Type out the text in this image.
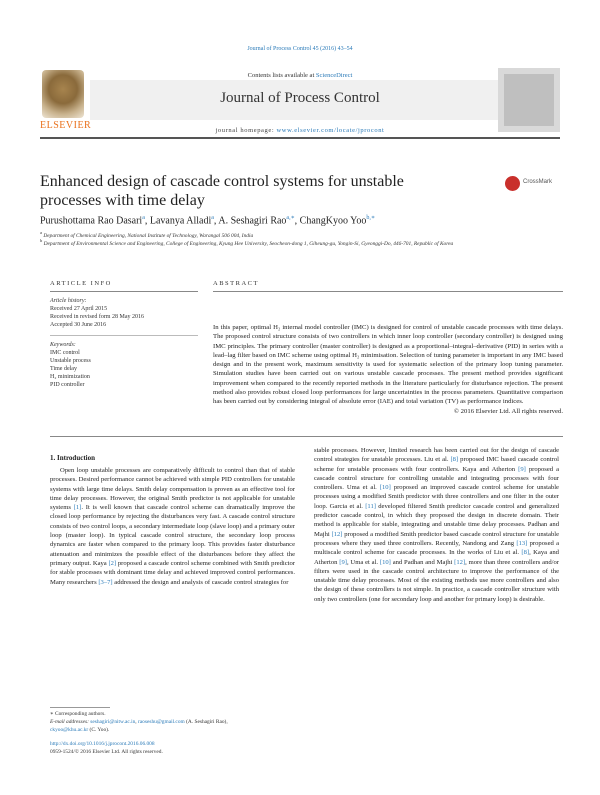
Journal of Process Control 45 (2016) 43–54
ELSEVIER
Contents lists available at ScienceDirect
Journal of Process Control
journal homepage: www.elsevier.com/locate/jprocont
Enhanced design of cascade control systems for unstable processes with time delay
CrossMark
Purushottama Rao Dasari$^a$, Lavanya Alladi$^a$, A. Seshagiri Rao$^{a,∗}$, ChangKyoo Yoo$^{b,∗}$
$^a$ Department of Chemical Engineering, National Institute of Technology, Warangal 506 004, India
$^b$ Department of Environmental Science and Engineering, College of Engineering, Kyung Hee University, Seocheon-dong 1, Giheung-gu, Yongin-Si, Gyeonggi-Do, 446-701, Republic of Korea
ARTICLE INFO	ABSTRACT
Article history:
Received 27 April 2015
Received in revised form 28 May 2016
Accepted 30 June 2016
Keywords:
IMC control
Unstable process
Time delay
H₂ minimization
PID controller
In this paper, optimal H₂ internal model controller (IMC) is designed for control of unstable cascade processes with time delays. The proposed control structure consists of two controllers in which inner loop controller (secondary controller) is designed using IMC principles. The primary controller (master controller) is designed as a proportional–integral–derivative (PID) in series with a lead–lag filter based on IMC scheme using optimal H₂ minimisation. Selection of tuning parameter is important in any IMC based design and in the present work, maximum sensitivity is used for systematic selection of the primary loop tuning parameter. Simulation studies have been carried out on various unstable cascade processes. The present method provides significant improvement when compared to the recently reported methods in the literature particularly for disturbance rejection. The present method also provides robust closed loop performances for large uncertainties in the process parameters. Quantitative comparison has been carried out by considering integral of absolute error (IAE) and total variation (TV) as performance indices.
© 2016 Elsevier Ltd. All rights reserved.
1. Introduction
Open loop unstable processes are comparatively difficult to control than that of stable processes. Desired performance cannot be achieved with simple PID controllers for unstable systems with large time delays. Smith delay compensation is proven as an effective tool for time delay processes. However, the original Smith predictor is not applicable for unstable systems [1]. It is well known that cascade control scheme can dramatically improve the closed loop performance by rejecting the disturbances very fast. A cascade control structure consists of two control loops, a secondary intermediate loop (slave loop) and a primary outer loop (master loop). In typical cascade control structure, the secondary loop process dynamics are faster when compared to the primary loop. This provides faster disturbance attenuation and minimizes the possible effect of the disturbances before they affect the primary output. Kaya [2] proposed a cascade control scheme combined with Smith predictor for stable processes with dominant time delay and achieved improved control performances. Many researchers [3–7] addressed the design and analysis of cascade control strategies for
stable processes. However, limited research has been carried out for the design of cascade control strategies for unstable processes. Liu et al. [8] proposed IMC based cascade control scheme for unstable processes with four controllers. Kaya and Atherton [9] proposed a cascade control structure for controlling unstable and integrating processes with four controllers. Uma et al. [10] proposed an improved cascade control scheme for unstable processes using a modified Smith predictor with three controllers and one filter in the outer loop. Garcia et al. [11] developed filtered Smith predictor cascade control and generalized predictor cascade control, in which they proposed the design in discrete domain. Their method is applicable for stable, integrating and unstable time delay processes. Padhan and Majhi [12] proposed a modified Smith predictor based cascade control structure for unstable processes where they used three controllers. Recently, Nandong and Zang [13] proposed a multiscale control scheme for cascade processes. In the works of Liu et al. [8], Kaya and Atherton [9], Uma et al. [10] and Padhan and Majhi [12], more than three controllers and/or filters were used in the cascade control architecture to improve the performance of the unstable time delay processes. Most of the existing methods use more controllers and also the design of these controllers is not simple. In practice, a cascade controller structure with only two controllers (one for secondary loop and another for primary loop) is desirable.
∗ Corresponding authors.
E-mail addresses: seshagiri@nitw.ac.in, raoseshu@gmail.com (A. Seshagiri Rao),
ckyoo@khu.ac.kr (C. Yoo).
http://dx.doi.org/10.1016/j.jprocont.2016.06.008
0959-1524/© 2016 Elsevier Ltd. All rights reserved.
